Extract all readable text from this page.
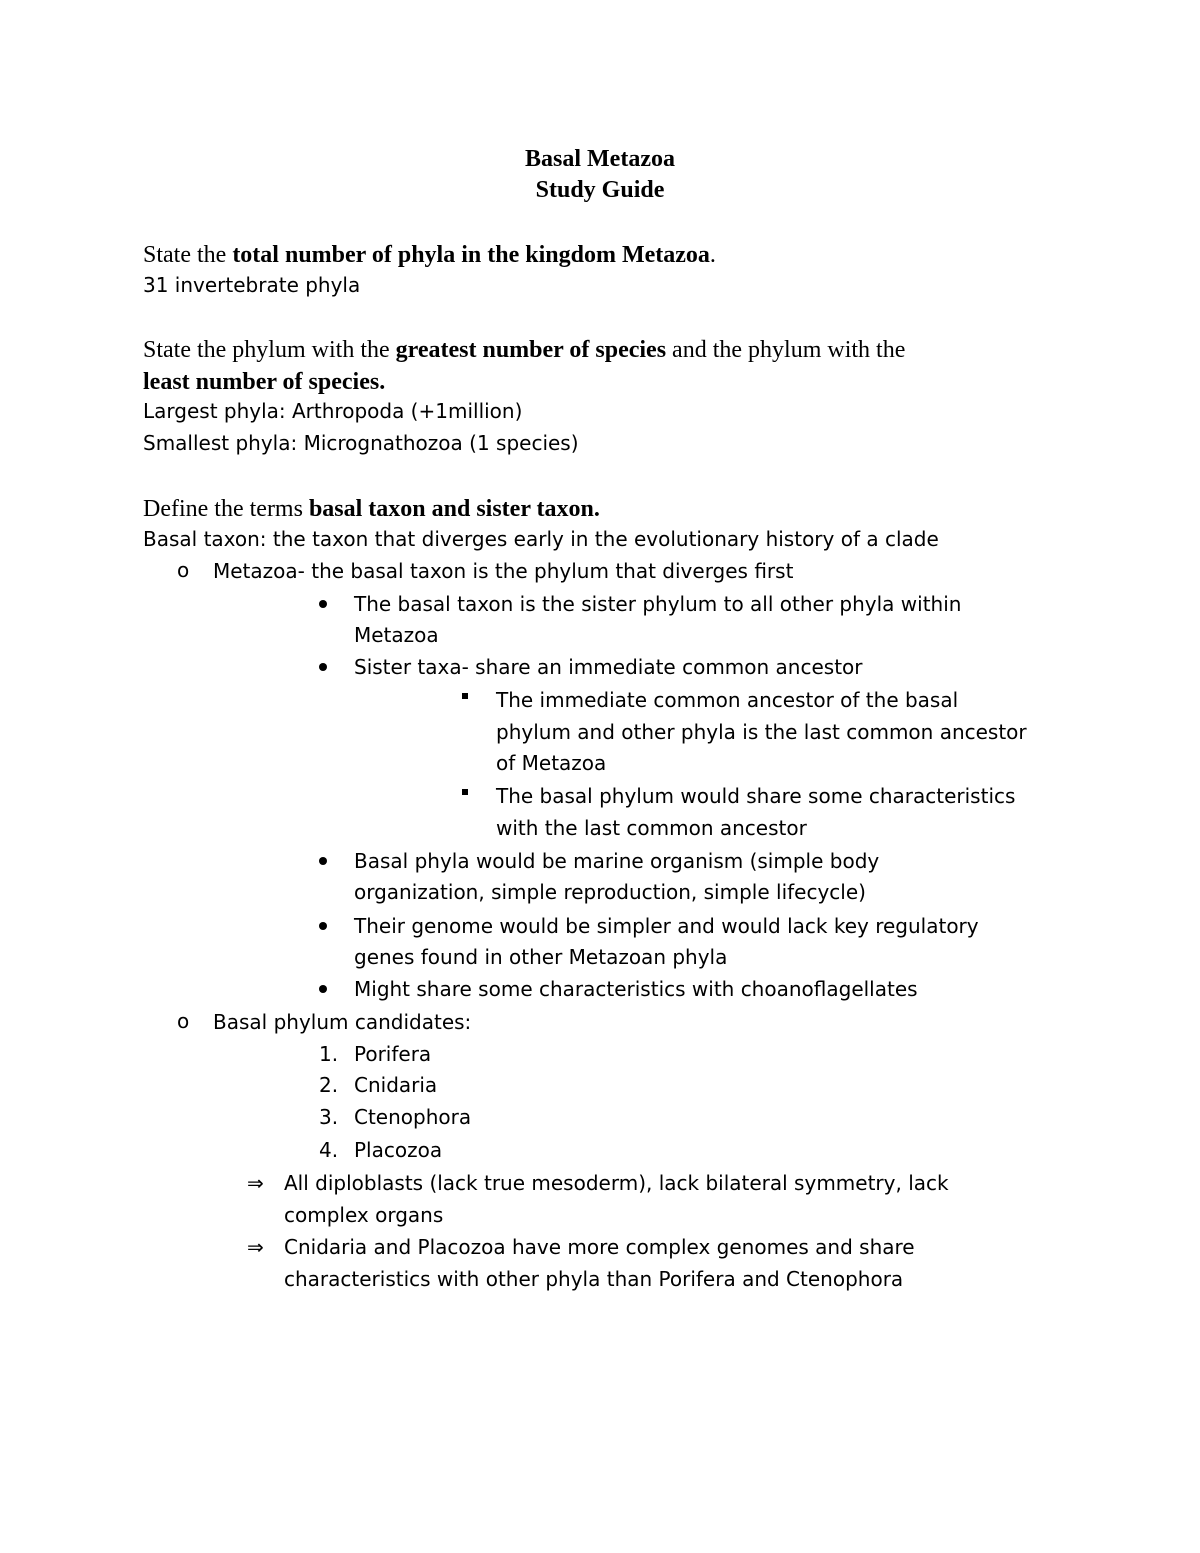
Basal Metazoa
Study Guide
State the total number of phyla in the kingdom Metazoa.
31 invertebrate phyla
State the phylum with the greatest number of species and the phylum with the
least number of species.
Largest phyla: Arthropoda (+1million)
Smallest phyla: Micrognathozoa (1 species)
Define the terms basal taxon and sister taxon.
Basal taxon: the taxon that diverges early in the evolutionary history of a clade
o Metazoa- the basal taxon is the phylum that diverges first
The basal taxon is the sister phylum to all other phyla within
Metazoa
Sister taxa- share an immediate common ancestor
The immediate common ancestor of the basal
phylum and other phyla is the last common ancestor
of Metazoa
The basal phylum would share some characteristics
with the last common ancestor
Basal phyla would be marine organism (simple body
organization, simple reproduction, simple lifecycle)
Their genome would be simpler and would lack key regulatory
genes found in other Metazoan phyla
Might share some characteristics with choanoflagellates
o Basal phylum candidates:
1. Porifera
2. Cnidaria
3. Ctenophora
4. Placozoa
⇒ All diploblasts (lack true mesoderm), lack bilateral symmetry, lack
complex organs
⇒ Cnidaria and Placozoa have more complex genomes and share
characteristics with other phyla than Porifera and Ctenophora
